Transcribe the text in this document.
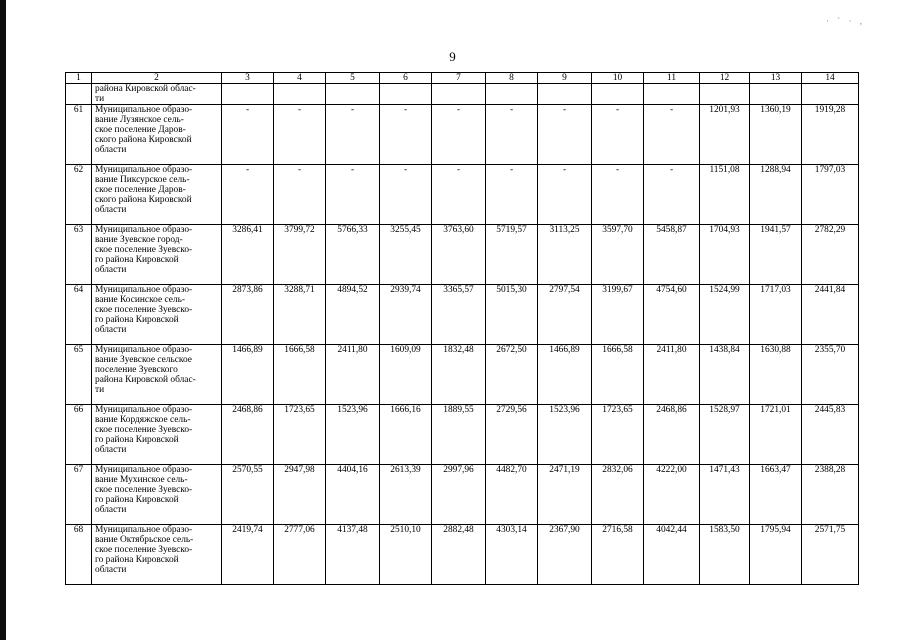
· ` · ,
9
1	2	3	4	5	6	7	8	9	10	11	12	13	14
	района Кировской облас-
ти												
61	Муниципальное образо-
вание Лузянское сель-
ское поселение Даров-
ского района Кировской
области	-	-	-	-	-	-	-	-	-	1201,93	1360,19	1919,28
62	Муниципальное образо-
вание Пиксурское сель-
ское поселение Даров-
ского района Кировской
области	-	-	-	-	-	-	-	-	-	1151,08	1288,94	1797,03
63	Муниципальное образо-
вание Зуевское город-
ское поселение Зуевско-
го района Кировской
области	3286,41	3799,72	5766,33	3255,45	3763,60	5719,57	3113,25	3597,70	5458,87	1704,93	1941,57	2782,29
64	Муниципальное образо-
вание Косинское сель-
ское поселение Зуевско-
го района Кировской
области	2873,86	3288,71	4894,52	2939,74	3365,57	5015,30	2797,54	3199,67	4754,60	1524,99	1717,03	2441,84
65	Муниципальное образо-
вание Зуевское сельское
поселение Зуевского
района Кировской облас-
ти	1466,89	1666,58	2411,80	1609,09	1832,48	2672,50	1466,89	1666,58	2411,80	1438,84	1630,88	2355,70
66	Муниципальное образо-
вание Кордяжское сель-
ское поселение Зуевско-
го района Кировской
области	2468,86	1723,65	1523,96	1666,16	1889,55	2729,56	1523,96	1723,65	2468,86	1528,97	1721,01	2445,83
67	Муниципальное образо-
вание Мухинское сель-
ское поселение Зуевско-
го района Кировской
области	2570,55	2947,98	4404,16	2613,39	2997,96	4482,70	2471,19	2832,06	4222,00	1471,43	1663,47	2388,28
68	Муниципальное образо-
вание Октябрьское сель-
ское поселение Зуевско-
го района Кировской
области	2419,74	2777,06	4137,48	2510,10	2882,48	4303,14	2367,90	2716,58	4042,44	1583,50	1795,94	2571,75
